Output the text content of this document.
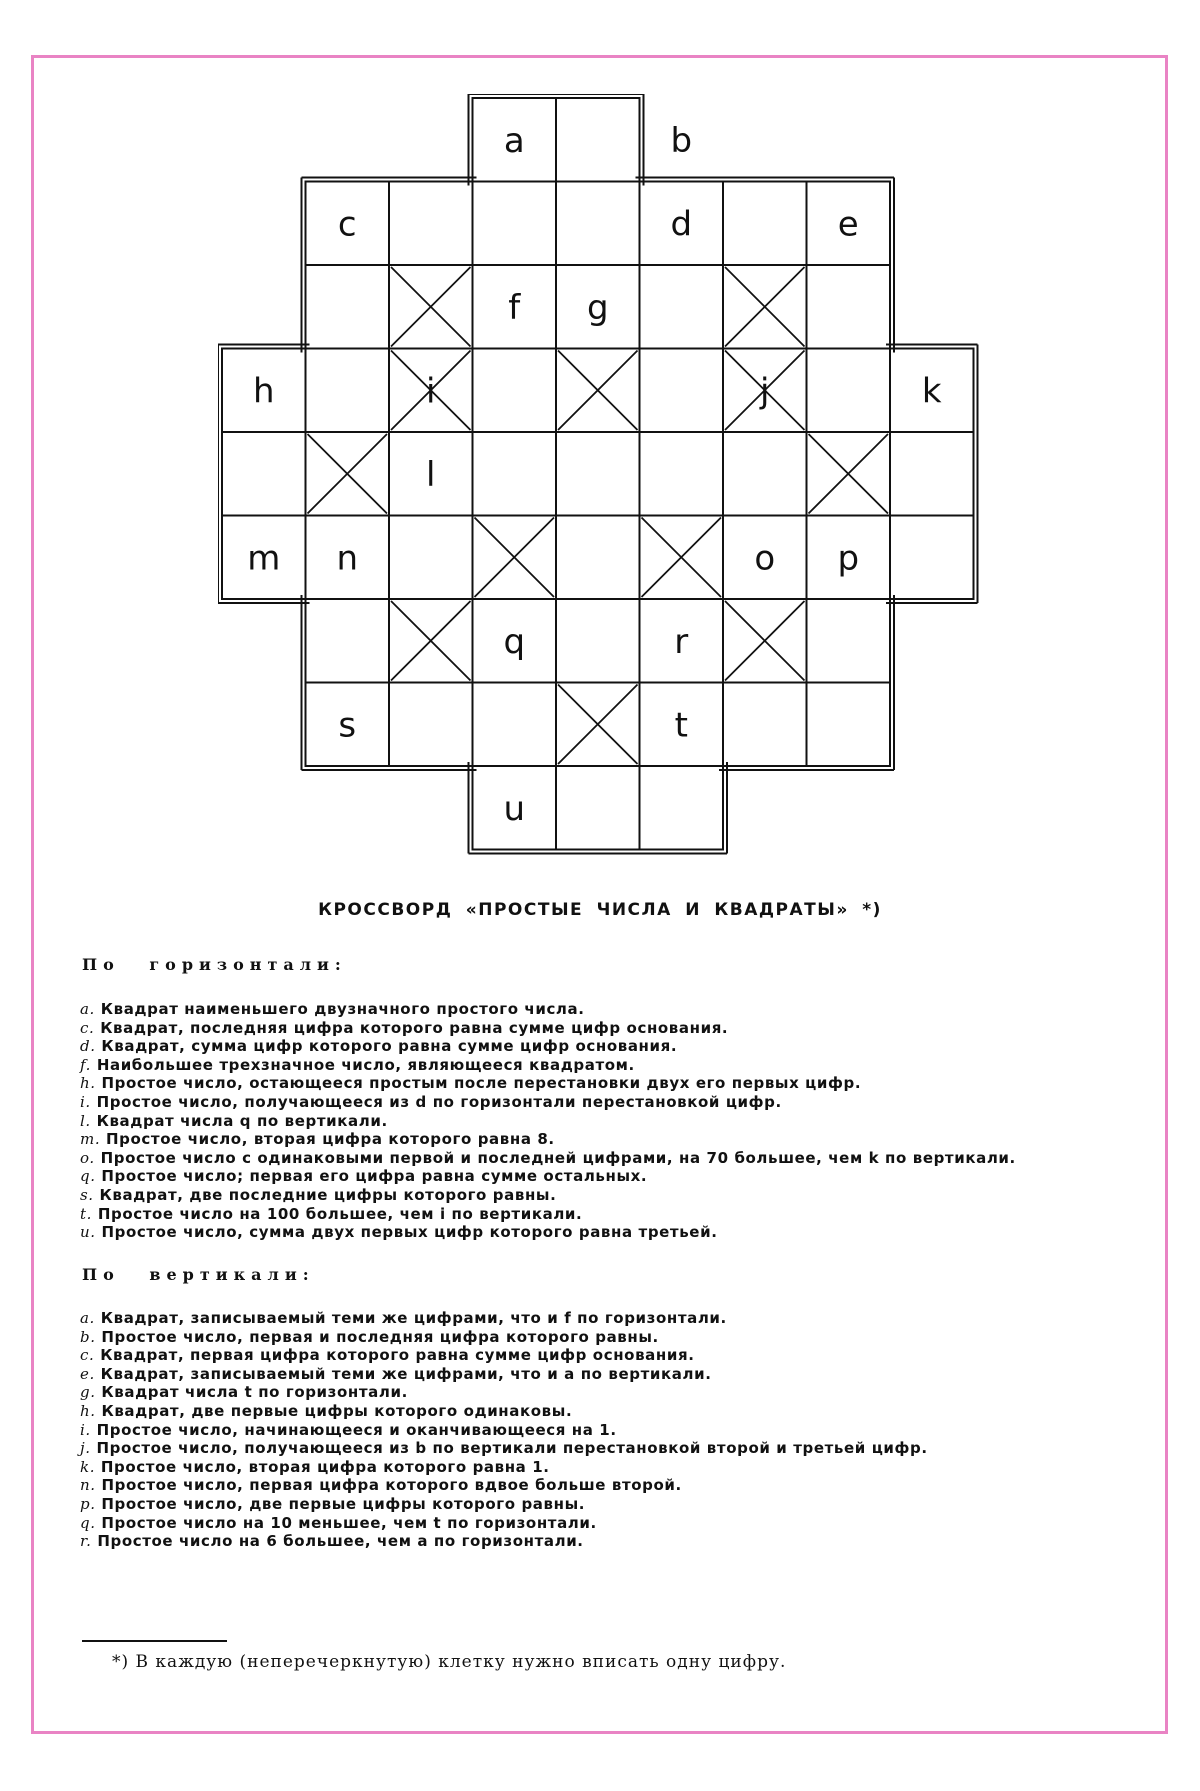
a	b
c	d	e
f g
h	i	j	k
l
m n	o p
q	r
s	t
u
КРОССВОРД «ПРОСТЫЕ ЧИСЛА И КВАДРАТЫ» *)
По горизонтали:
a. Квадрат наименьшего двузначного простого числа.
c. Квадрат, последняя цифра которого равна сумме цифр основания.
d. Квадрат, сумма цифр которого равна сумме цифр основания.
f. Наибольшее трехзначное число, являющееся квадратом.
h. Простое число, остающееся простым после перестановки двух его первых цифр.
i. Простое число, получающееся из d по горизонтали перестановкой цифр.
l. Квадрат числа q по вертикали.
m. Простое число, вторая цифра которого равна 8.
o. Простое число с одинаковыми первой и последней цифрами, на 70 большее, чем k по вертикали.
q. Простое число; первая его цифра равна сумме остальных.
s. Квадрат, две последние цифры которого равны.
t. Простое число на 100 большее, чем i по вертикали.
u. Простое число, сумма двух первых цифр которого равна третьей.
По вертикали:
a. Квадрат, записываемый теми же цифрами, что и f по горизонтали.
b. Простое число, первая и последняя цифра которого равны.
c. Квадрат, первая цифра которого равна сумме цифр основания.
e. Квадрат, записываемый теми же цифрами, что и a по вертикали.
g. Квадрат числа t по горизонтали.
h. Квадрат, две первые цифры которого одинаковы.
i. Простое число, начинающееся и оканчивающееся на 1.
j. Простое число, получающееся из b по вертикали перестановкой второй и третьей цифр.
k. Простое число, вторая цифра которого равна 1.
n. Простое число, первая цифра которого вдвое больше второй.
p. Простое число, две первые цифры которого равны.
q. Простое число на 10 меньшее, чем t по горизонтали.
r. Простое число на 6 большее, чем a по горизонтали.
*) В каждую (неперечеркнутую) клетку нужно вписать одну цифру.
